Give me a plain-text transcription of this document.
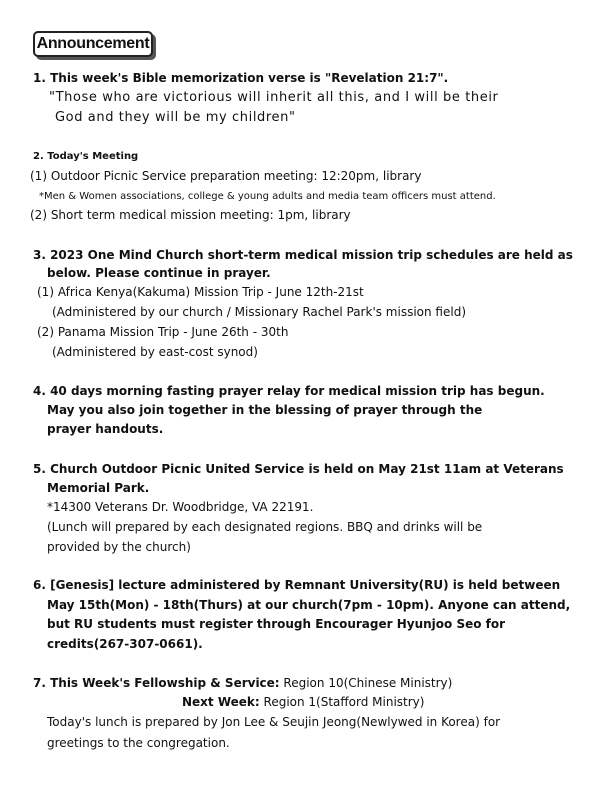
Announcement
1. This week's Bible memorization verse is "Revelation 21:7".
"Those who are victorious will inherit all this, and I will be their
God and they will be my children"
2. Today's Meeting
(1) Outdoor Picnic Service preparation meeting: 12:20pm, library
*Men & Women associations, college & young adults and media team officers must attend.
(2) Short term medical mission meeting: 1pm, library
3. 2023 One Mind Church short-term medical mission trip schedules are held as
below. Please continue in prayer.
(1) Africa Kenya(Kakuma) Mission Trip - June 12th-21st
(Administered by our church / Missionary Rachel Park's mission field)
(2) Panama Mission Trip - June 26th - 30th
(Administered by east-cost synod)
4. 40 days morning fasting prayer relay for medical mission trip has begun.
May you also join together in the blessing of prayer through the
prayer handouts.
5. Church Outdoor Picnic United Service is held on May 21st 11am at Veterans
Memorial Park.
*14300 Veterans Dr. Woodbridge, VA 22191.
(Lunch will prepared by each designated regions. BBQ and drinks will be
provided by the church)
6. [Genesis] lecture administered by Remnant University(RU) is held between
May 15th(Mon) - 18th(Thurs) at our church(7pm - 10pm). Anyone can attend,
but RU students must register through Encourager Hyunjoo Seo for
credits(267-307-0661).
7. This Week's Fellowship & Service: Region 10(Chinese Ministry)
Next Week: Region 1(Stafford Ministry)
Today's lunch is prepared by Jon Lee & Seujin Jeong(Newlywed in Korea) for
greetings to the congregation.
